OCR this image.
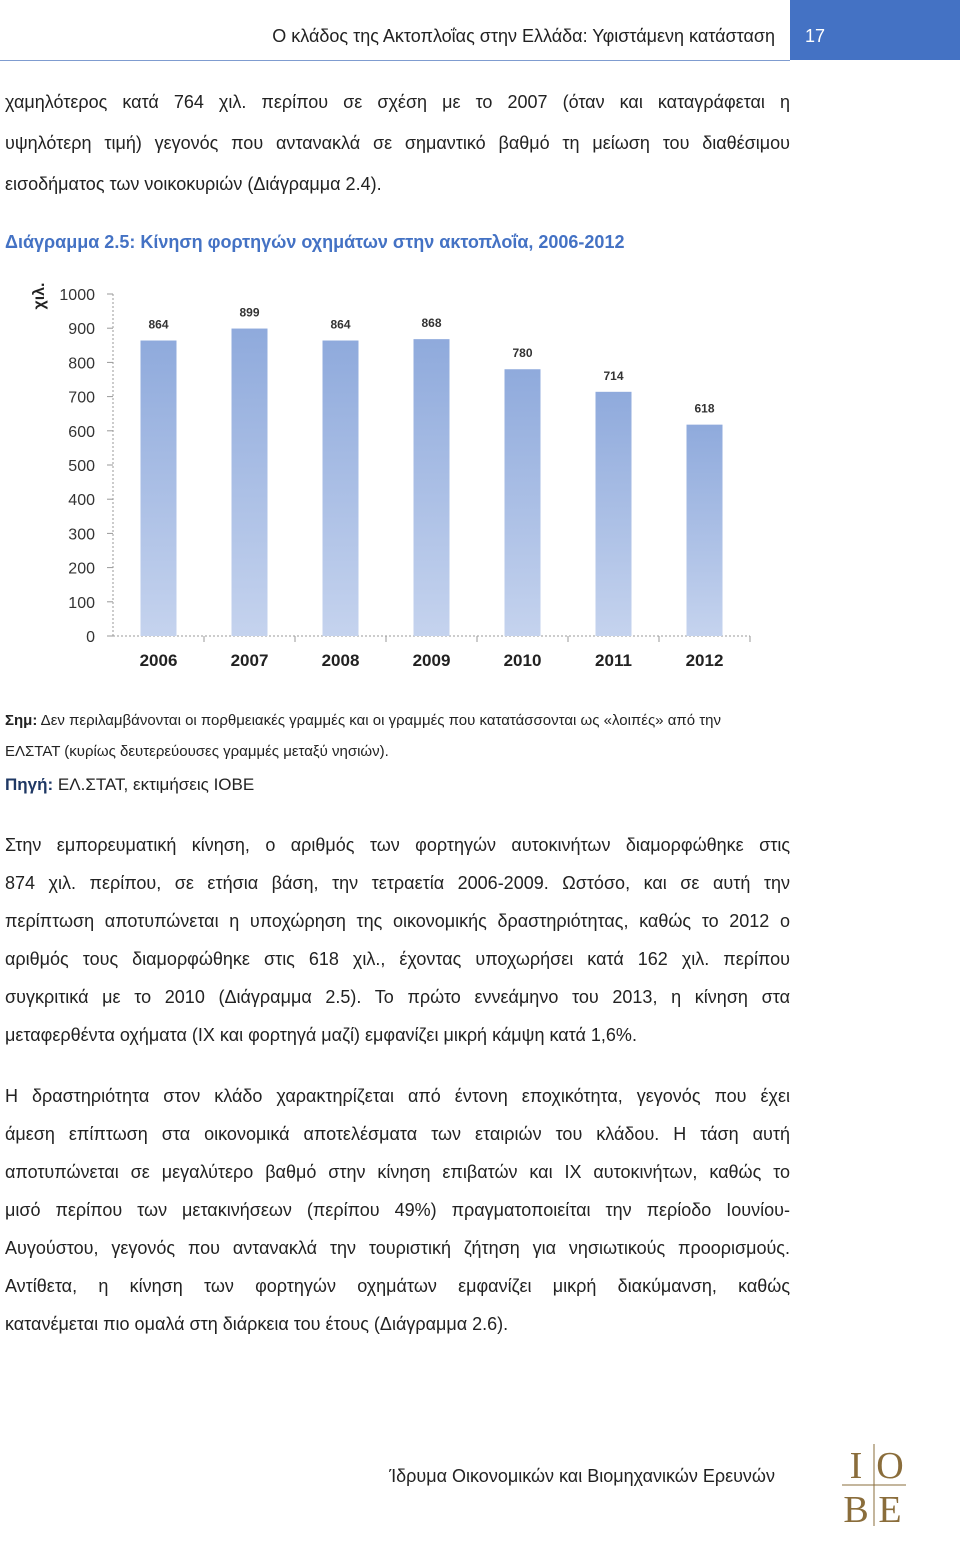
Ο κλάδος της Ακτοπλοΐας στην Ελλάδα: Υφιστάμενη κατάσταση	17
χαμηλότερος κατά 764 χιλ. περίπου σε σχέση με το 2007 (όταν και καταγράφεται η
υψηλότερη τιμή) γεγονός που αντανακλά σε σημαντικό βαθμό τη μείωση του διαθέσιμου
εισοδήματος των νοικοκυριών (Διάγραμμα 2.4).
Διάγραμμα 2.5: Κίνηση φορτηγών οχημάτων στην ακτοπλοΐα, 2006-2012
0
100
200
300
400
500
600
700
800
900
1000
χιλ.
864
2006
899
2007
864
2008
868
2009
780
2010
714
2011
618
2012
Σημ: Δεν περιλαμβάνονται οι πορθμειακές γραμμές και οι γραμμές που κατατάσσονται ως «λοιπές» από την
ΕΛΣΤΑΤ (κυρίως δευτερεύουσες γραμμές μεταξύ νησιών).
Πηγή: ΕΛ.ΣΤΑΤ, εκτιμήσεις ΙΟΒΕ
Στην εμπορευματική κίνηση, ο αριθμός των φορτηγών αυτοκινήτων διαμορφώθηκε στις
874 χιλ. περίπου, σε ετήσια βάση, την τετραετία 2006-2009. Ωστόσο, και σε αυτή την
περίπτωση αποτυπώνεται η υποχώρηση της οικονομικής δραστηριότητας, καθώς το 2012 ο
αριθμός τους διαμορφώθηκε στις 618 χιλ., έχοντας υποχωρήσει κατά 162 χιλ. περίπου
συγκριτικά με το 2010 (Διάγραμμα 2.5). Το πρώτο εννεάμηνο του 2013, η κίνηση στα
μεταφερθέντα οχήματα (ΙΧ και φορτηγά μαζί) εμφανίζει μικρή κάμψη κατά 1,6%.
Η δραστηριότητα στον κλάδο χαρακτηρίζεται από έντονη εποχικότητα, γεγονός που έχει
άμεση επίπτωση στα οικονομικά αποτελέσματα των εταιριών του κλάδου. Η τάση αυτή
αποτυπώνεται σε μεγαλύτερο βαθμό στην κίνηση επιβατών και ΙΧ αυτοκινήτων, καθώς το
μισό περίπου των μετακινήσεων (περίπου 49%) πραγματοποιείται την περίοδο Ιουνίου-
Αυγούστου, γεγονός που αντανακλά την τουριστική ζήτηση για νησιωτικούς προορισμούς.
Αντίθετα, η κίνηση των φορτηγών οχημάτων εμφανίζει μικρή διακύμανση, καθώς
κατανέμεται πιο ομαλά στη διάρκεια του έτους (Διάγραμμα 2.6).
Ίδρυμα Οικονομικών και Βιομηχανικών Ερευνών Ι Ο
Β Ε
